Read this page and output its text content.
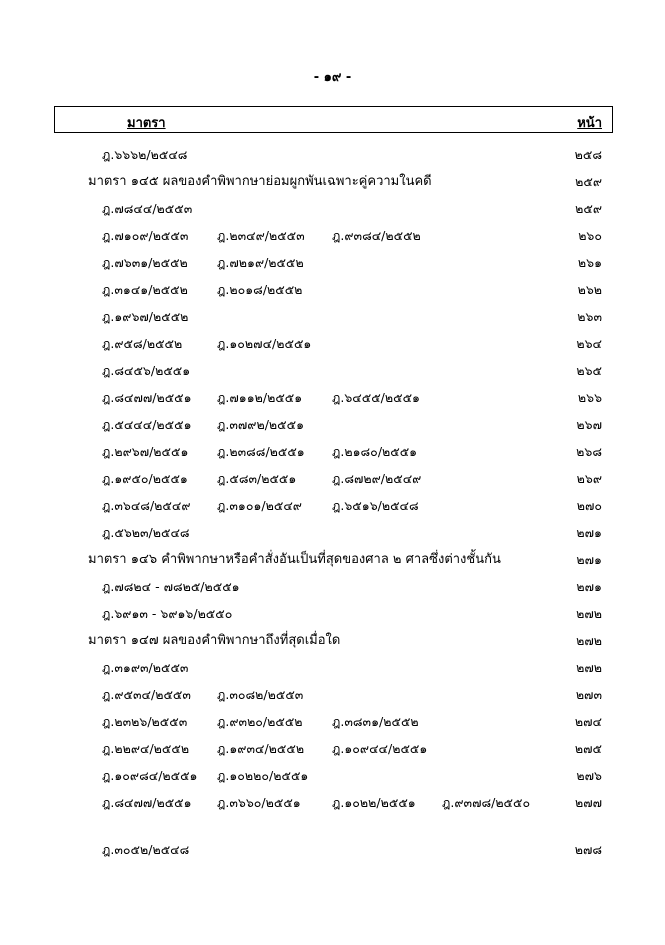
- ๑๙ -
มาตรา	หน้า
ฎ.๖๖๖๒/๒๕๔๘	๒๕๘
มาตรา ๑๔๕ ผลของคำพิพากษาย่อมผูกพันเฉพาะคู่ความในคดี	๒๕๙
ฎ.๗๘๔๔/๒๕๕๓	๒๕๙
ฎ.๗๑๐๙/๒๕๕๓ ฎ.๒๓๔๙/๒๕๕๓ ฎ.๙๓๘๔/๒๕๕๒	๒๖๐
ฎ.๗๖๓๑/๒๕๕๒ ฎ.๗๒๑๙/๒๕๕๒	๒๖๑
ฎ.๓๑๔๑/๒๕๕๒ ฎ.๒๐๑๘/๒๕๕๒	๒๖๒
ฎ.๑๙๖๗/๒๕๕๒	๒๖๓
ฎ.๙๕๘/๒๕๕๒	ฎ.๑๐๒๗๔/๒๕๕๑	๒๖๔
ฎ.๘๔๕๖/๒๕๕๑	๒๖๕
ฎ.๘๔๗๗/๒๕๕๑ ฎ.๗๑๑๒/๒๕๕๑ ฎ.๖๔๕๕/๒๕๕๑	๒๖๖
ฎ.๕๔๔๔/๒๕๕๑ ฎ.๓๗๙๒/๒๕๕๑	๒๖๗
ฎ.๒๙๖๗/๒๕๕๑ ฎ.๒๓๘๘/๒๕๕๑ ฎ.๒๑๘๐/๒๕๕๑	๒๖๘
ฎ.๑๙๕๐/๒๕๕๑ ฎ.๕๘๓/๒๕๕๑	ฎ.๘๗๒๙/๒๕๔๙	๒๖๙
ฎ.๓๖๔๘/๒๕๔๙ ฎ.๓๑๐๑/๒๕๔๙ ฎ.๖๕๑๖/๒๕๔๘	๒๗๐
ฎ.๕๖๒๓/๒๕๔๘	๒๗๑
มาตรา ๑๔๖ คำพิพากษาหรือคำสั่งอันเป็นที่สุดของศาล ๒ ศาลซึ่งต่างชั้นกัน	๒๗๑
ฎ.๗๘๒๔ - ๗๘๒๕/๒๕๕๑	๒๗๑
ฎ.๖๙๑๓ - ๖๙๑๖/๒๕๕๐	๒๗๒
มาตรา ๑๔๗ ผลของคำพิพากษาถึงที่สุดเมื่อใด	๒๗๒
ฎ.๓๑๙๓/๒๕๕๓	๒๗๒
ฎ.๙๕๓๔/๒๕๕๓ ฎ.๓๐๘๒/๒๕๕๓	๒๗๓
ฎ.๒๓๒๖/๒๕๕๓ ฎ.๙๓๒๐/๒๕๕๒ ฎ.๓๘๓๑/๒๕๕๒	๒๗๔
ฎ.๒๒๙๔/๒๕๕๒ ฎ.๑๙๓๔/๒๕๕๒ ฎ.๑๐๙๔๔/๒๕๕๑	๒๗๕
ฎ.๑๐๙๘๔/๒๕๕๑ ฎ.๑๐๒๒๐/๒๕๕๑	๒๗๖
ฎ.๘๔๗๗/๒๕๕๑ ฎ.๓๖๖๐/๒๕๕๑	ฎ.๑๐๒๒/๒๕๕๑ ฎ.๙๓๗๘/๒๕๕๐	๒๗๗
ฎ.๓๐๕๒/๒๕๔๘	๒๗๘
